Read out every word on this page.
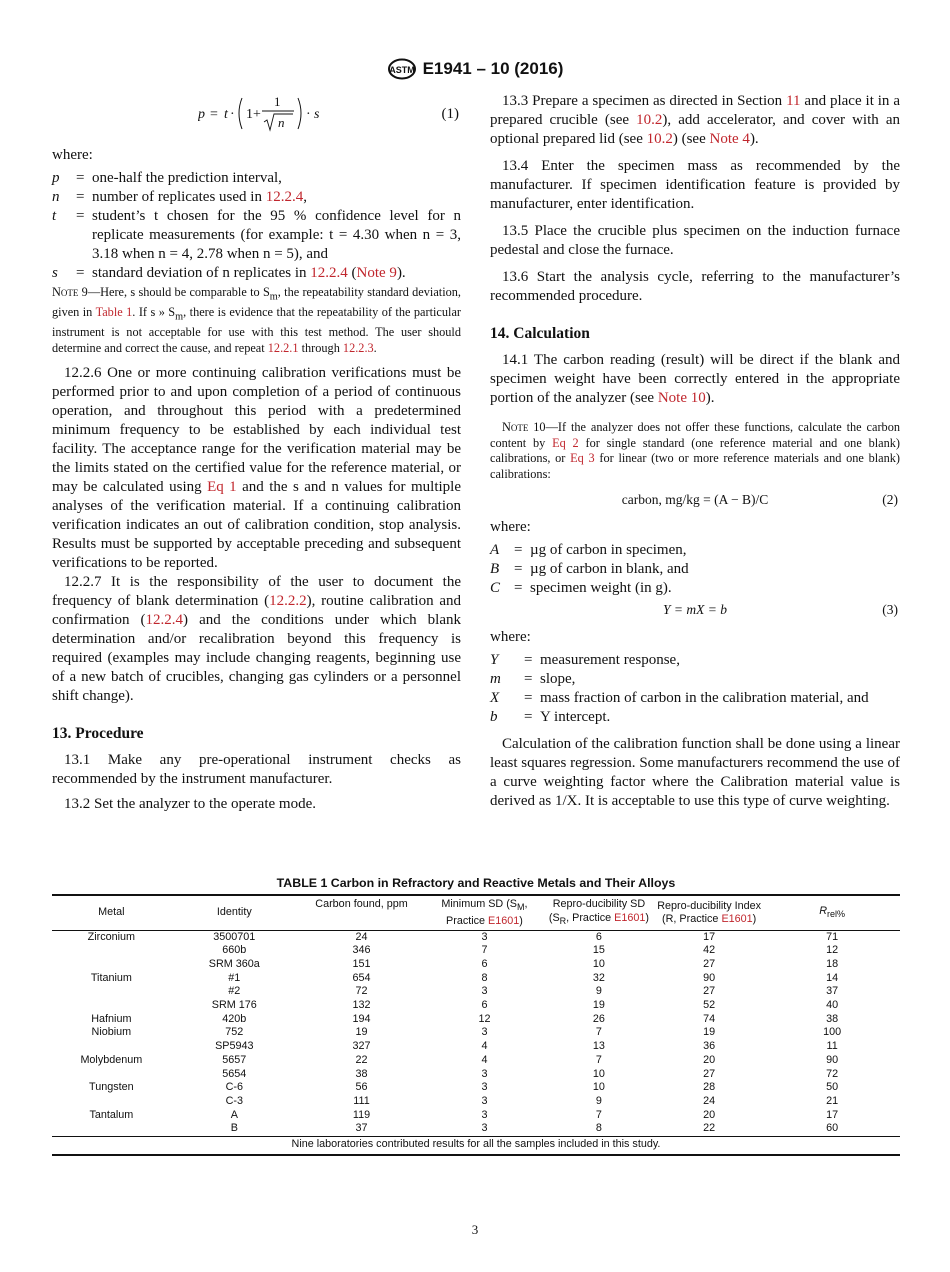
ASTM E1941 – 10 (2016)
p = t · 1+
1
n
· s	(1)

where:

p	= one-half the prediction interval,
n	= number of replicates used in 12.2.4,
t	= student’s t chosen for the 95 % confidence level for n replicate measurements (for example: t = 4.30 when n = 3, 3.18 when n = 4, 2.78 when n = 5), and
s	= standard deviation of n replicates in 12.2.4 (Note 9).

Note 9—Here, s should be comparable to $S_m$, the repeatability standard deviation, given in Table 1. If s » $S_m$, there is evidence that the repeatability of the particular instrument is not acceptable for use with this test method. The user should determine and correct the cause, and repeat 12.2.1 through 12.2.3.

12.2.6 One or more continuing calibration verifications must be performed prior to and upon completion of a period of continuous operation, and throughout this period with a predetermined minimum frequency to be established by each individual test facility. The acceptance range for the verification material may be the limits stated on the certified value for the reference material, or may be calculated using Eq 1 and the s and n values for multiple analyses of the verification material. If a continuing calibration verification indicates an out of calibration condition, stop analysis. Results must be supported by acceptable preceding and subsequent verifications to be reported.

12.2.7 It is the responsibility of the user to document the frequency of blank determination (12.2.2), routine calibration and confirmation (12.2.4) and the conditions under which blank determination and/or recalibration beyond this frequency is required (examples may include changing reagents, beginning use of a new batch of crucibles, changing gas cylinders or a personnel shift change).

13. Procedure

13.1 Make any pre-operational instrument checks as recommended by the instrument manufacturer.

13.2 Set the analyzer to the operate mode.

13.3 Prepare a specimen as directed in Section 11 and place it in a prepared crucible (see 10.2), add accelerator, and cover with an optional prepared lid (see 10.2) (see Note 4).

13.4 Enter the specimen mass as recommended by the manufacturer. If specimen identification feature is provided by manufacturer, enter identification.

13.5 Place the crucible plus specimen on the induction furnace pedestal and close the furnace.

13.6 Start the analysis cycle, referring to the manufacturer’s recommended procedure.

14. Calculation

14.1 The carbon reading (result) will be direct if the blank and specimen weight have been correctly entered in the appropriate portion of the analyzer (see Note 10).

Note 10—If the analyzer does not offer these functions, calculate the carbon content by Eq 2 for single standard (one reference material and one blank) calibrations, or Eq 3 for linear (two or more reference materials and one blank) calibrations:

carbon, mg/kg = (A − B)/C	(2)

where:

A = µg of carbon in specimen,
B = µg of carbon in blank, and
C = specimen weight (in g).
Y = mX = b	(3)

where:

Y	= measurement response,
m	= slope,
X	= mass fraction of carbon in the calibration material, and
b	= Y intercept.

Calculation of the calibration function shall be done using a linear least squares regression. Some manufacturers recommend the use of a curve weighting factor where the Calibration material value is derived as 1/X. It is acceptable to use this type of curve weighting.

TABLE 1 Carbon in Refractory and Reactive Metals and Their Alloys
Metal	Identity	Carbon found, ppm	Minimum SD ($S_M$, Practice E1601)	Repro-ducibility SD ($S_R$, Practice E1601)	Repro-ducibility Index (R, Practice E1601)	$R_{rel\%}$
Zirconium	3500701	24	3	6	17	71
	660b	346	7	15	42	12
	SRM 360a	151	6	10	27	18
Titanium	#1	654	8	32	90	14
	#2	72	3	9	27	37
	SRM 176	132	6	19	52	40
Hafnium	420b	194	12	26	74	38
Niobium	752	19	3	7	19	100
	SP5943	327	4	13	36	11
Molybdenum	5657	22	4	7	20	90
	5654	38	3	10	27	72
Tungsten	C-6	56	3	10	28	50
	C-3	111	3	9	24	21
Tantalum	A	119	3	7	20	17
	B	37	3	8	22	60
Nine laboratories contributed results for all the samples included in this study.						
3
